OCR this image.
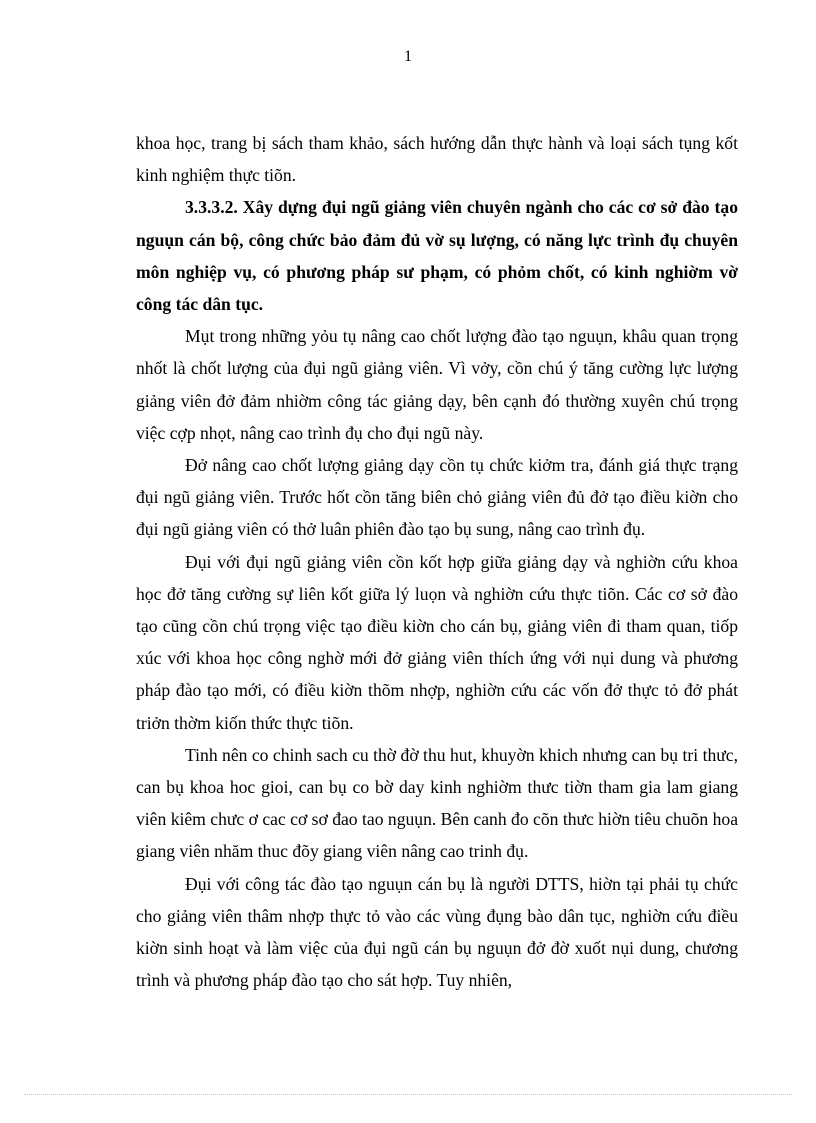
1

khoa học, trang bị sách tham khảo, sách hướng dẫn thực hành và loại sách tụng kốt kinh nghiệm thực tiõn.

3.3.3.2. Xây dựng đụi ngũ giảng viên chuyên ngành cho các cơ sở đào tạo nguụn cán bộ, công chức bảo đảm đủ vờ sụ lượng, có năng lực trình đụ chuyên môn nghiệp vụ, có phương pháp sư phạm, có phỏm chốt, có kinh nghiờm vờ công tác dân tục.

Mụt trong những yỏu tụ nâng cao chốt lượng đào tạo nguụn, khâu quan trọng nhốt là chốt lượng của đụi ngũ giảng viên. Vì vởy, cồn chú ý tăng cường lực lượng giảng viên đở đảm nhiờm công tác giảng dạy, bên cạnh đó thường xuyên chú trọng việc cợp nhọt, nâng cao trình đụ cho đụi ngũ này.

Đở nâng cao chốt lượng giảng dạy cồn tụ chức kiởm tra, đánh giá thực trạng đụi ngũ giảng viên. Trước hốt cồn tăng biên chỏ giảng viên đủ đở tạo điều kiờn cho đụi ngũ giảng viên có thở luân phiên đào tạo bụ sung, nâng cao trình đụ.

Đụi với đụi ngũ giảng viên cồn kốt hợp giữa giảng dạy và nghiờn cứu khoa học đở tăng cường sự liên kốt giữa lý luọn và nghiờn cứu thực tiõn. Các cơ sở đào tạo cũng cồn chú trọng việc tạo điều kiờn cho cán bụ, giảng viên đi tham quan, tiốp xúc với khoa học công nghờ mới đở giảng viên thích ứng với nụi dung và phương pháp đào tạo mới, có điều kiờn thõm nhợp, nghiờn cứu các vốn đở thực tỏ đở phát triởn thờm kiốn thức thực tiõn.

Tinh nên co chinh sach cu thờ đờ thu hut, khuyờn khich nhưng can bụ tri thưc, can bụ khoa hoc gioi, can bụ co bờ day kinh nghiờm thưc tiờn tham gia lam giang viên kiêm chưc ơ cac cơ sơ đao tao nguụn. Bên canh đo cõn thưc hiờn tiêu chuõn hoa giang viên nhăm thuc đõy giang viên nâng cao trinh đụ.

Đụi với công tác đào tạo nguụn cán bụ là người DTTS, hiờn tại phải tụ chức cho giảng viên thâm nhợp thực tỏ vào các vùng đụng bào dân tục, nghiờn cứu điều kiờn sinh hoạt và làm việc của đụi ngũ cán bụ nguụn đở đờ xuốt nụi dung, chương trình và phương pháp đào tạo cho sát hợp. Tuy nhiên,
